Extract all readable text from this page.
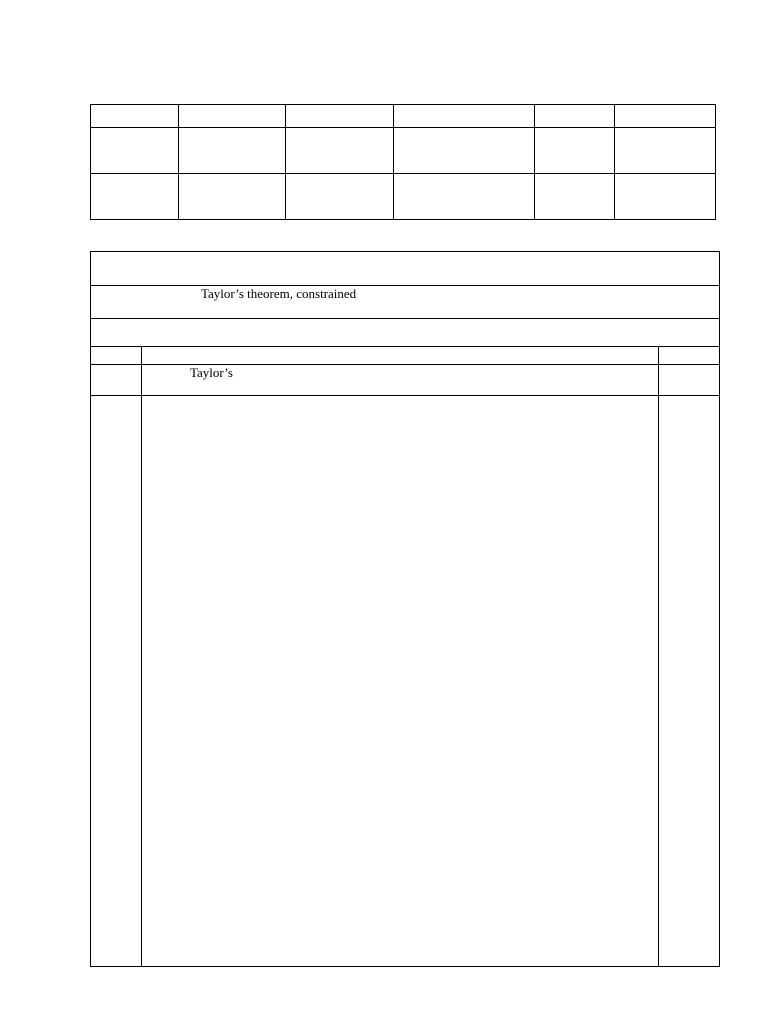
Taylor’s theorem, constrained		

	Taylor’s	
